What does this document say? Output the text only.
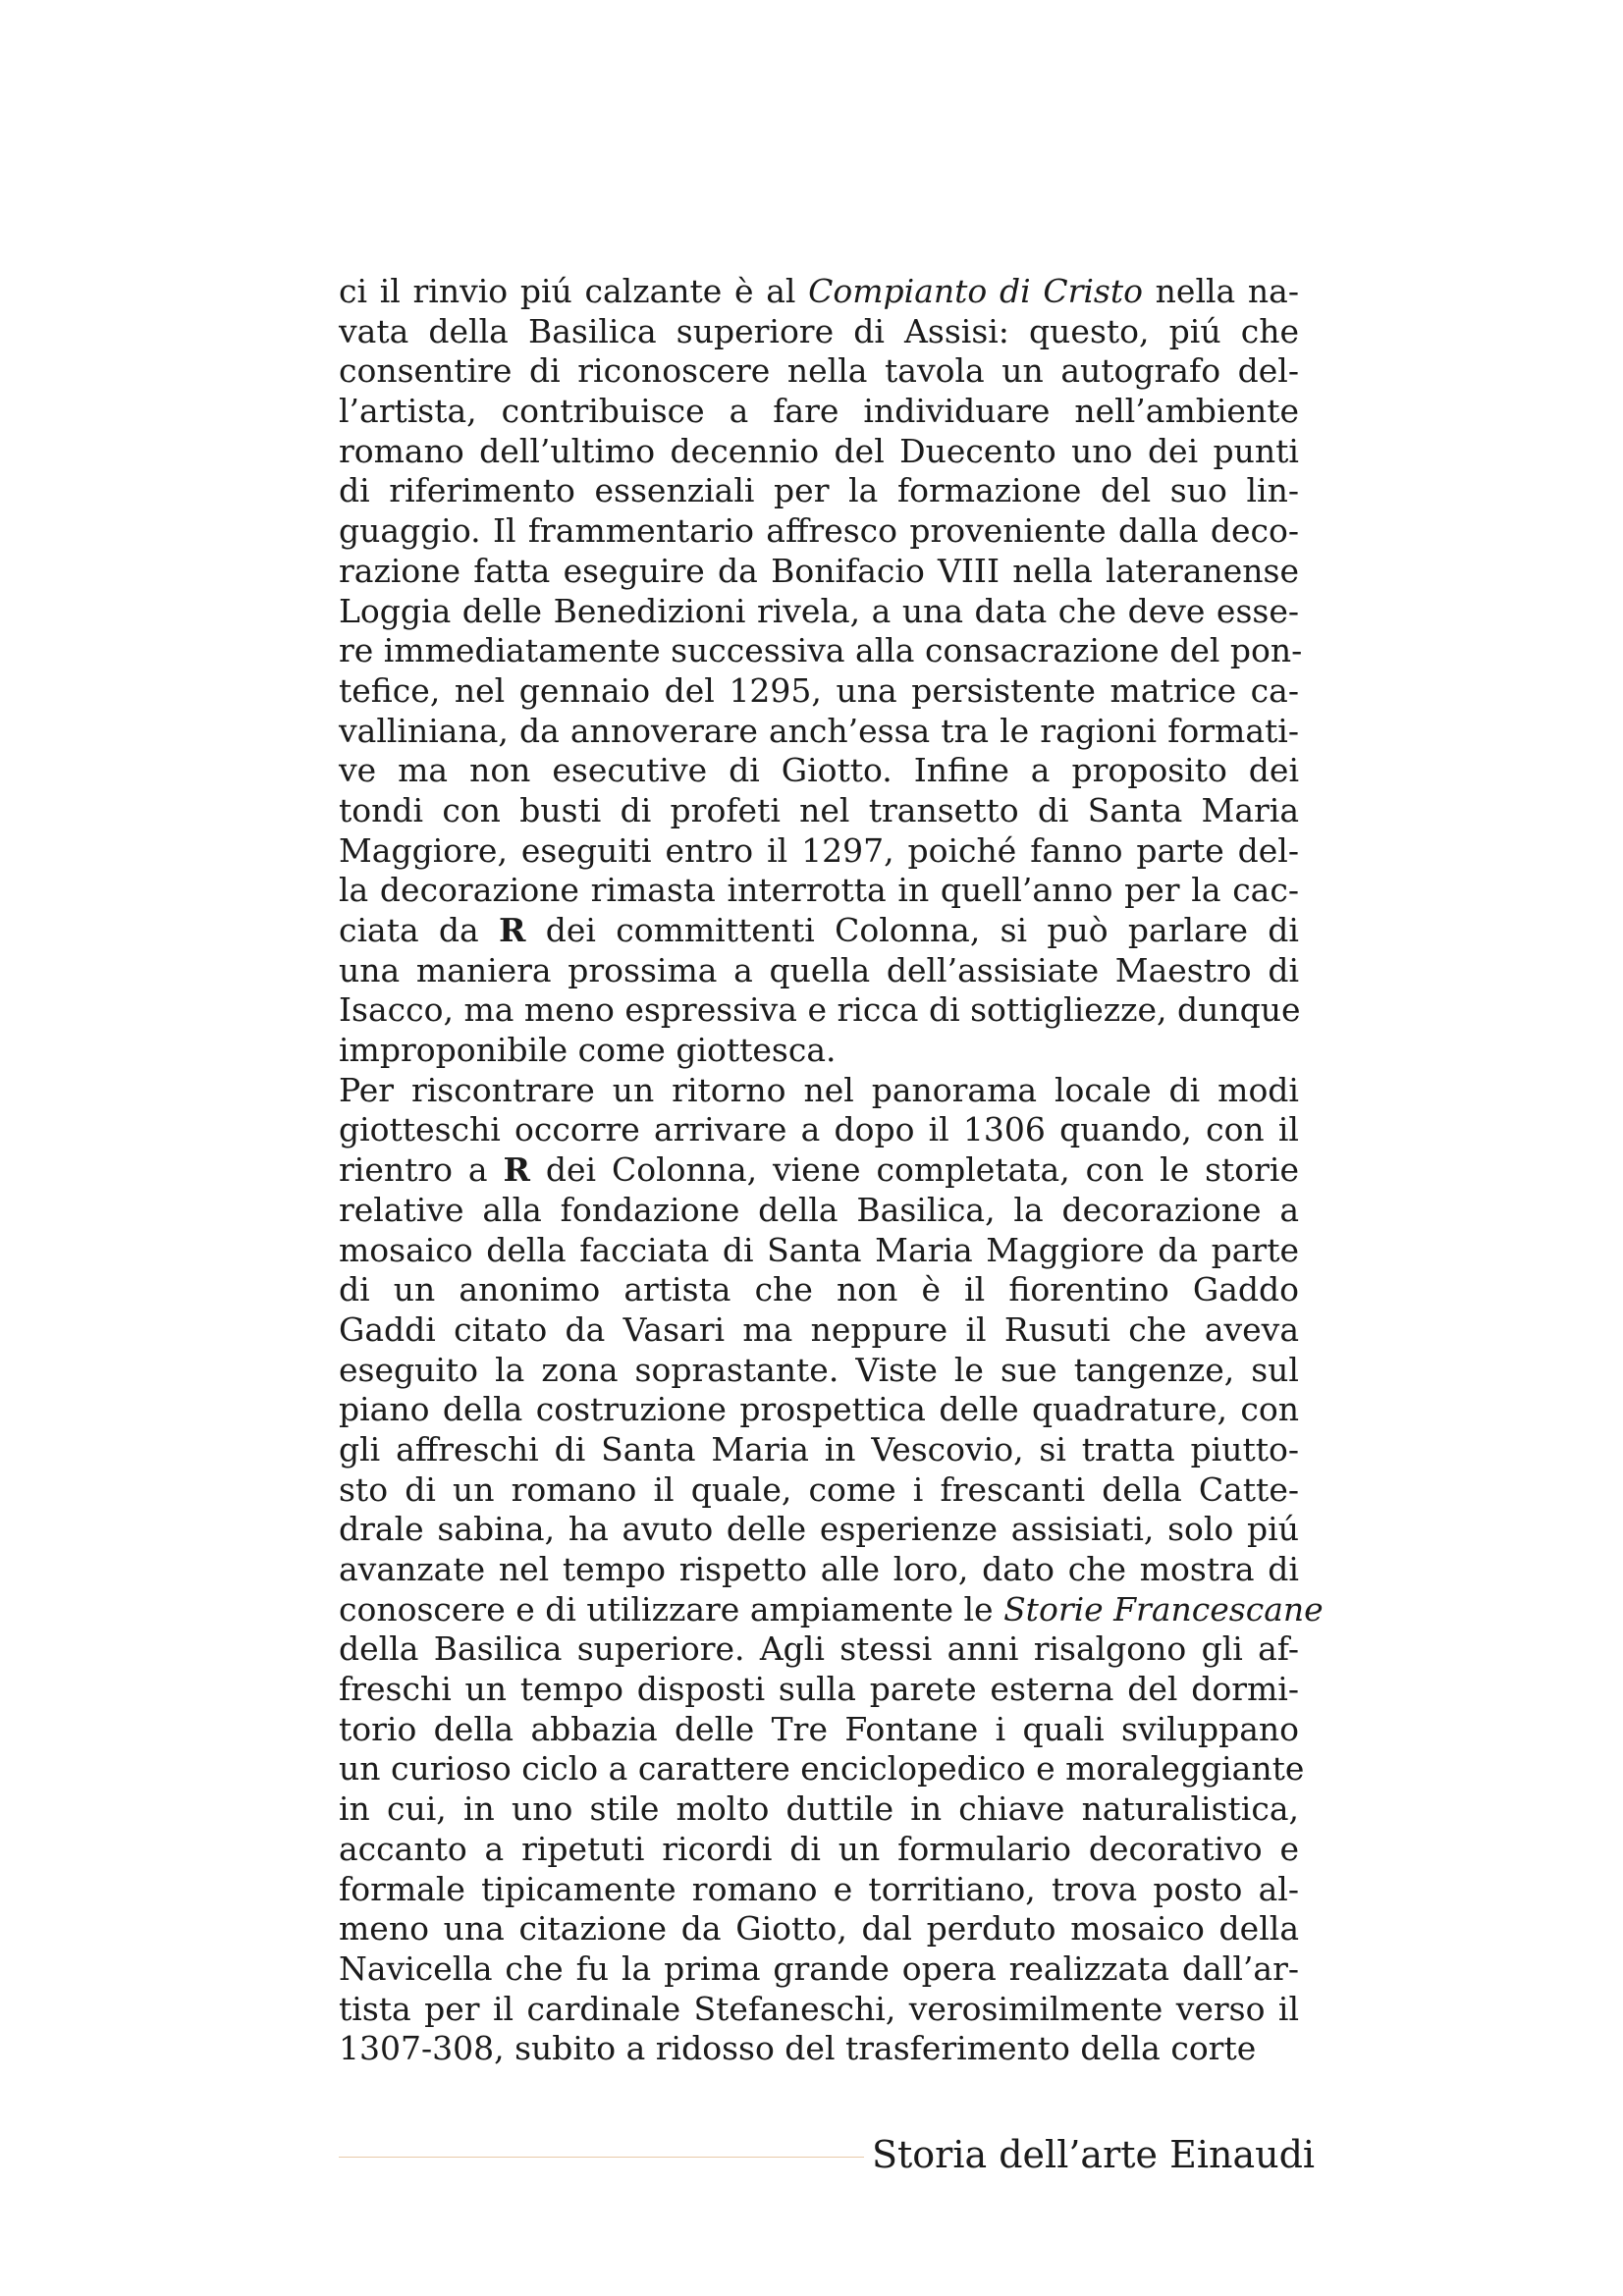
ci il rinvio piú calzante è al Compianto di Cristo nella na-
vata della Basilica superiore di Assisi: questo, piú che
consentire di riconoscere nella tavola un autografo del-
l’artista, contribuisce a fare individuare nell’ambiente
romano dell’ultimo decennio del Duecento uno dei punti
di riferimento essenziali per la formazione del suo lin-
guaggio. Il frammentario affresco proveniente dalla deco-
razione fatta eseguire da Bonifacio VIII nella lateranense
Loggia delle Benedizioni rivela, a una data che deve esse-
re immediatamente successiva alla consacrazione del pon-
tefice, nel gennaio del 1295, una persistente matrice ca-
valliniana, da annoverare anch’essa tra le ragioni formati-
ve ma non esecutive di Giotto. Infine a proposito dei
tondi con busti di profeti nel transetto di Santa Maria
Maggiore, eseguiti entro il 1297, poiché fanno parte del-
la decorazione rimasta interrotta in quell’anno per la cac-
ciata da R dei committenti Colonna, si può parlare di
una maniera prossima a quella dell’assisiate Maestro di
Isacco, ma meno espressiva e ricca di sottigliezze, dunque
improponibile come giottesca.
Per riscontrare un ritorno nel panorama locale di modi
giotteschi occorre arrivare a dopo il 1306 quando, con il
rientro a R dei Colonna, viene completata, con le storie
relative alla fondazione della Basilica, la decorazione a
mosaico della facciata di Santa Maria Maggiore da parte
di un anonimo artista che non è il fiorentino Gaddo
Gaddi citato da Vasari ma neppure il Rusuti che aveva
eseguito la zona soprastante. Viste le sue tangenze, sul
piano della costruzione prospettica delle quadrature, con
gli affreschi di Santa Maria in Vescovio, si tratta piutto-
sto di un romano il quale, come i frescanti della Catte-
drale sabina, ha avuto delle esperienze assisiati, solo piú
avanzate nel tempo rispetto alle loro, dato che mostra di
conoscere e di utilizzare ampiamente le Storie Francescane
della Basilica superiore. Agli stessi anni risalgono gli af-
freschi un tempo disposti sulla parete esterna del dormi-
torio della abbazia delle Tre Fontane i quali sviluppano
un curioso ciclo a carattere enciclopedico e moraleggiante
in cui, in uno stile molto duttile in chiave naturalistica,
accanto a ripetuti ricordi di un formulario decorativo e
formale tipicamente romano e torritiano, trova posto al-
meno una citazione da Giotto, dal perduto mosaico della
Navicella che fu la prima grande opera realizzata dall’ar-
tista per il cardinale Stefaneschi, verosimilmente verso il
1307-308, subito a ridosso del trasferimento della corte
Storia dell’arte Einaudi
